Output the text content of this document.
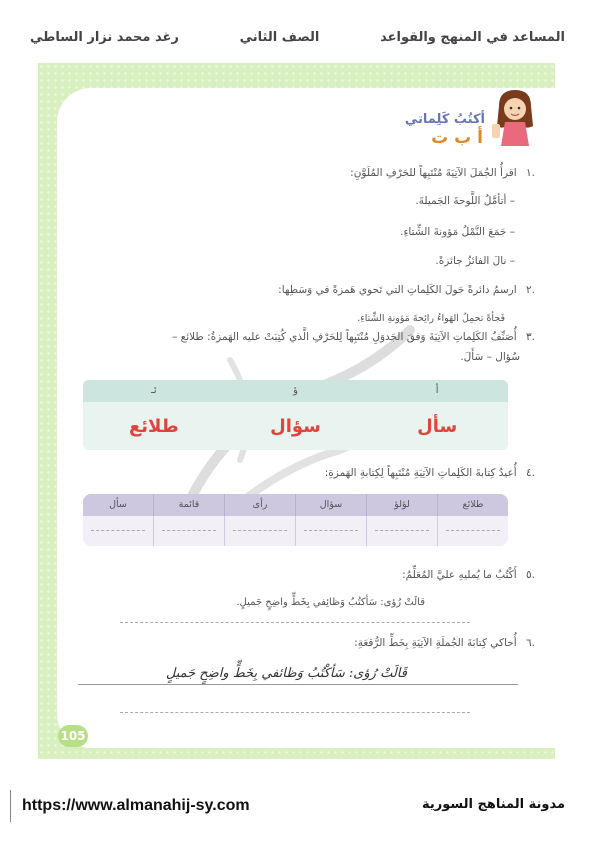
المساعد في المنهج والقواعد
الصف الثاني
رغد محمد نزار الساطي
أكتُبُ كَلِماتي
أ ب ت
.١ اقرأُ الجُمَلَ الآتِيَةَ مُنْتَبِهاً للحَرْفِ المُلَوَّنِ:
– أتأمَّلُ اللَّوحةَ الجَميلةَ.
– جَمَعَ النَّمْلُ مَؤونةَ الشِّتاءِ.
– نالَ الفائزُ جائزةً.
.٢ ارسمُ دائرةً حَولَ الكَلِماتِ التي تَحوي هَمزةً في وَسَطِها:
فَجأةً تحمِلُ الهَواءُ رائِحةَ مَؤونةِ الشِّتاءِ.
.٣ أُصَنِّفُ الكَلِماتِ الآتِيَةَ وَفقَ الجَدوَلِ مُنْتَبِهاً لِلحَرْفِ الَّذي كُتِبَتْ عليه الهَمزةُ: طلائع –
سُؤال – سَأَلَ.
أ
ؤ
ئـ
سأل
سؤال
طلائع
.٤ أُعيدُ كِتابةَ الكَلِماتِ الآتِيَةِ مُنْتَبِهاً لِكِتابةِ الهَمزةِ:
طلائع
لؤلؤ
سؤال
رأى
قائمة
سأل
.٥ أَكْتُبُ ما يُمليهِ عليَّ المُعَلِّمُ:
قالَتْ رُؤى: سَأكتُبُ وَظائِفي بِخَطٍّ واضِحٍ جَميلٍ.
.٦ أُحاكي كِتابَةَ الجُملَةِ الآتِيَةِ بِخَطِّ الرُّقعَةِ:
قَالَتْ رُؤى: سَأكْتُبُ وَظائفي بِخَطٍّ واضِحٍ جَميلٍ
105
https://www.almanahij-sy.com	مدونة المناهج السورية
